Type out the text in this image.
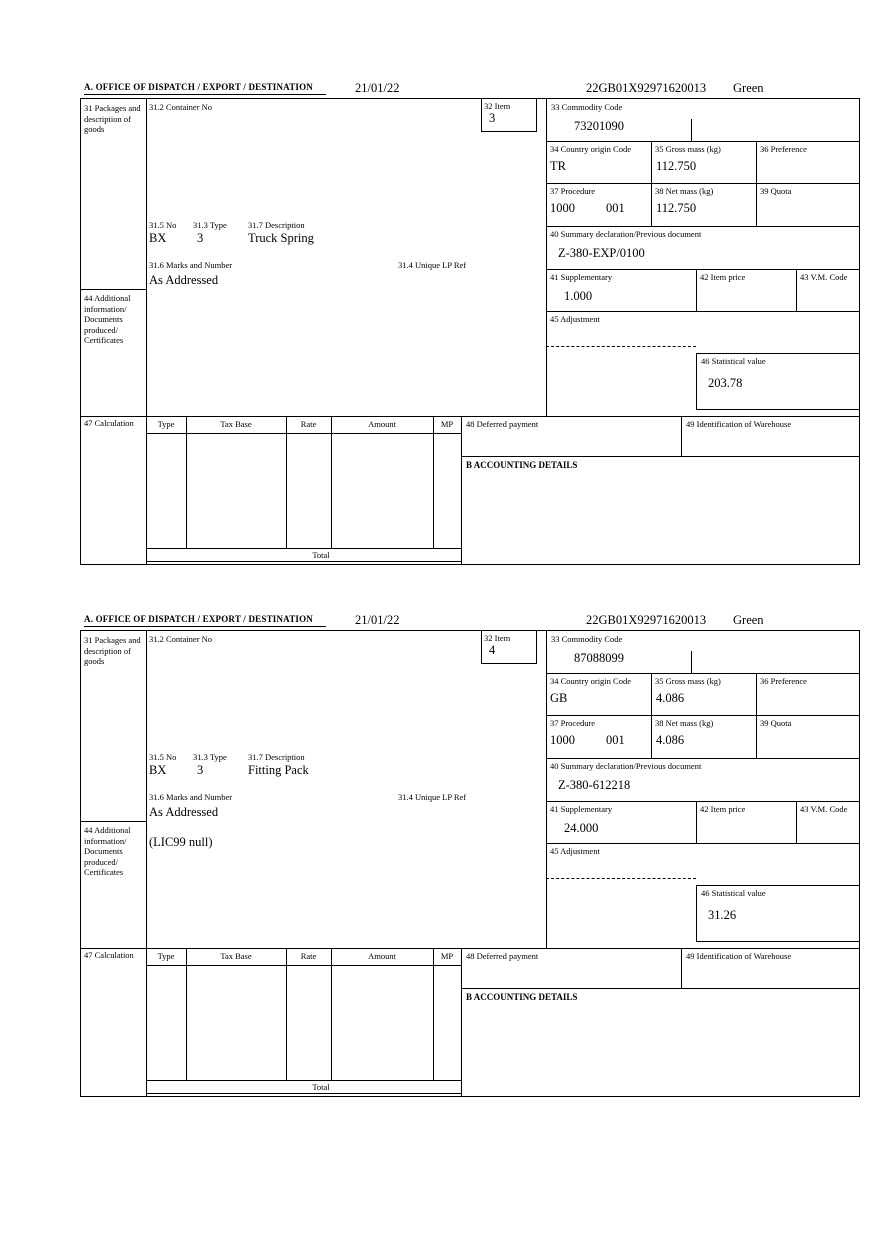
A. OFFICE OF DISPATCH / EXPORT / DESTINATION	21/01/22	22GB01X92971620013 Green
31 Packages and description of goods
44 Additional information/ Documents produced/ Certificates
47 Calculation
31.2 Container No	32 Item
3
31.5 No 31.3 Type	31.7 Description
BX 3	Truck Spring
31.6 Marks and Number	31.4 Unique LP Ref
As Addressed
33 Commodity Code
73201090
34 Country origin Code
TR
35 Gross mass (kg)
112.750
36 Preference
37 Procedure
1000 001
38 Net mass (kg)
112.750
39 Quota
40 Summary declaration/Previous document
Z-380-EXP/0100
41 Supplementary
1.000
42 Item price	43 V.M. Code
45 Adjustment
46 Statistical value
203.78
Type	Tax Base	Rate	Amount	MP
Total
48 Deferred payment	49 Identification of Warehouse
B ACCOUNTING DETAILS
A. OFFICE OF DISPATCH / EXPORT / DESTINATION	21/01/22	22GB01X92971620013 Green
31 Packages and description of goods
44 Additional information/ Documents produced/ Certificates
47 Calculation
31.2 Container No	32 Item
4
31.5 No 31.3 Type	31.7 Description
BX 3	Fitting Pack
31.6 Marks and Number	31.4 Unique LP Ref
As Addressed
(LIC99 null)
33 Commodity Code
87088099
34 Country origin Code
GB
35 Gross mass (kg)
4.086
36 Preference
37 Procedure
1000 001
38 Net mass (kg)
4.086
39 Quota
40 Summary declaration/Previous document
Z-380-612218
41 Supplementary
24.000
42 Item price	43 V.M. Code
45 Adjustment
46 Statistical value
31.26
Type	Tax Base	Rate	Amount	MP
Total
48 Deferred payment	49 Identification of Warehouse
B ACCOUNTING DETAILS
